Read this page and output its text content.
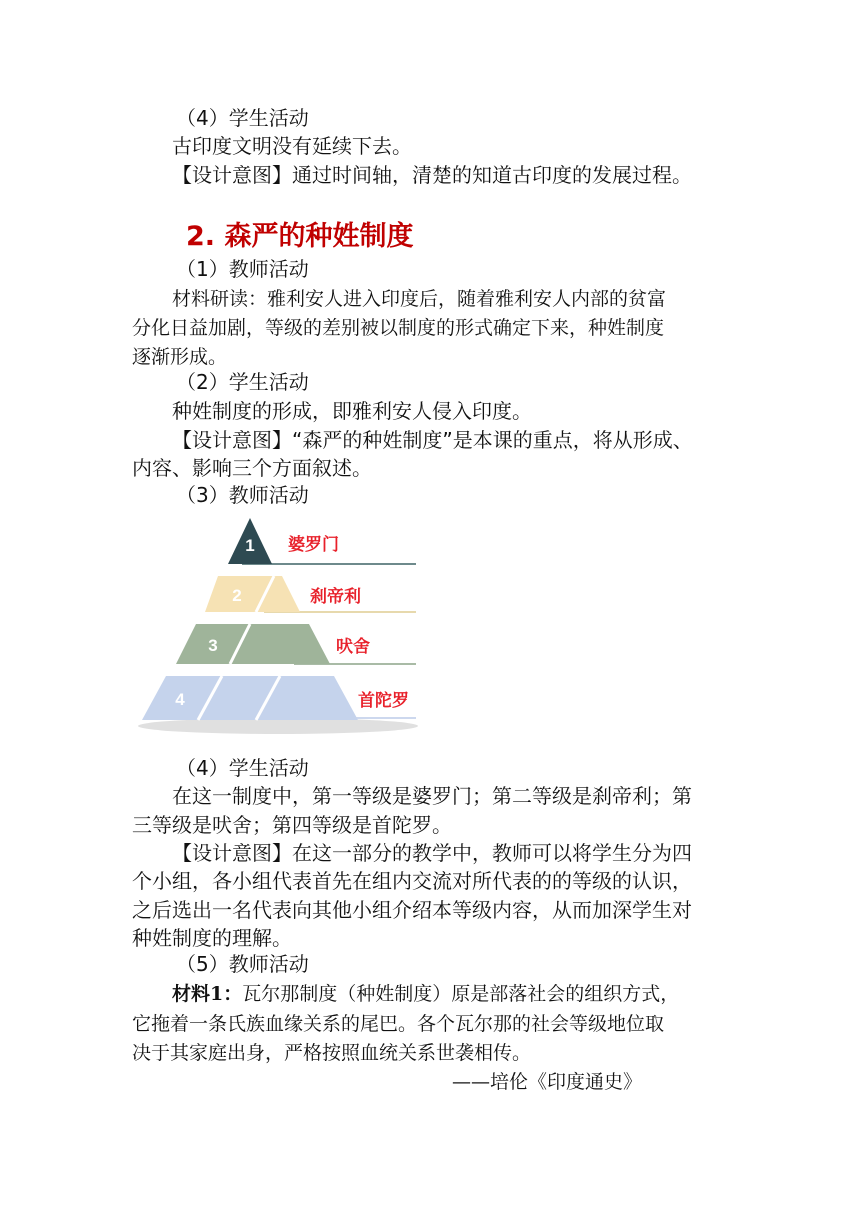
（4）学生活动
古印度文明没有延续下去。
【设计意图】通过时间轴，清楚的知道古印度的发展过程。
2. 森严的种姓制度
（1）教师活动
材料研读：雅利安人进入印度后，随着雅利安人内部的贫富
分化日益加剧，等级的差别被以制度的形式确定下来，种姓制度
逐渐形成。
（2）学生活动
种姓制度的形成，即雅利安人侵入印度。
【设计意图】“森严的种姓制度”是本课的重点，将从形成、
内容、影响三个方面叙述。
（3）教师活动
1
2
3
4
婆罗门
刹帝利
吠舍
首陀罗
（4）学生活动
在这一制度中，第一等级是婆罗门；第二等级是刹帝利；第
三等级是吠舍；第四等级是首陀罗。
【设计意图】在这一部分的教学中，教师可以将学生分为四
个小组，各小组代表首先在组内交流对所代表的的等级的认识，
之后选出一名代表向其他小组介绍本等级内容，从而加深学生对
种姓制度的理解。
（5）教师活动
材料1：瓦尔那制度（种姓制度）原是部落社会的组织方式，
它拖着一条氏族血缘关系的尾巴。各个瓦尔那的社会等级地位取
决于其家庭出身，严格按照血统关系世袭相传。
——培伦《印度通史》
